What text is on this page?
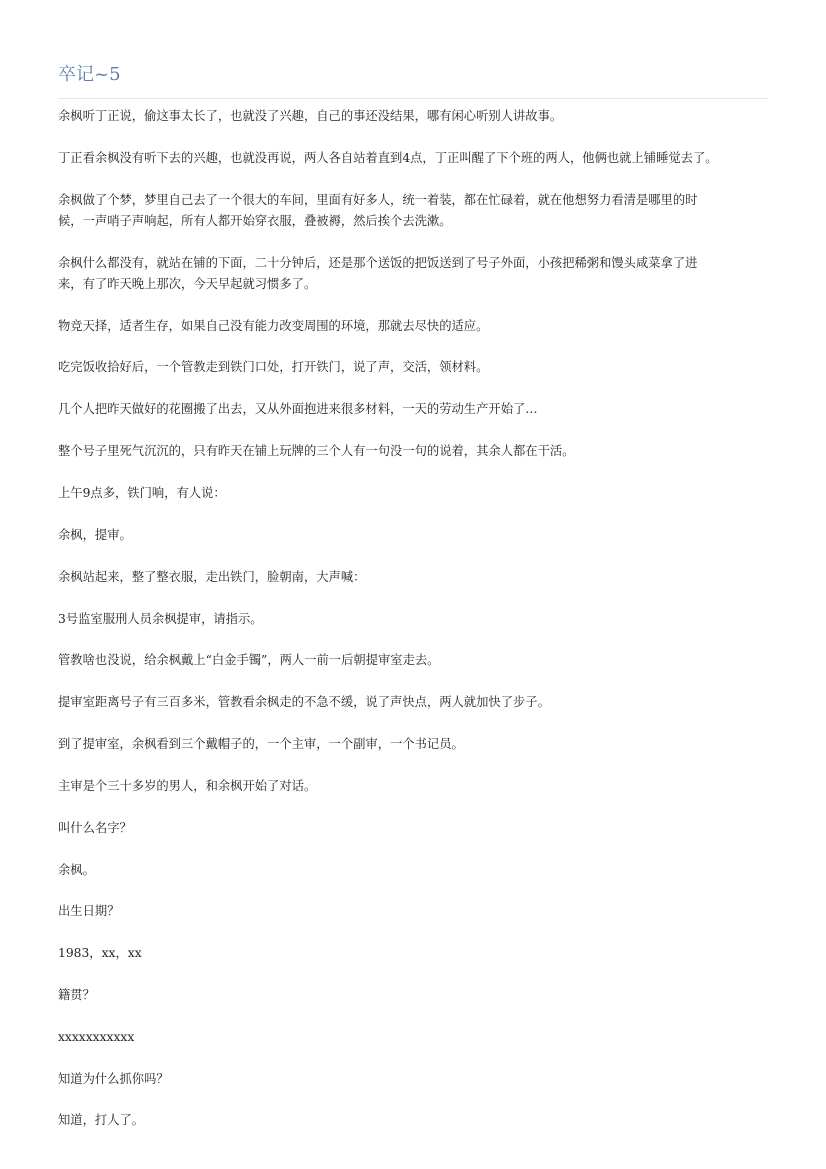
卒记~5

余枫听丁正说，偷这事太长了，也就没了兴趣，自己的事还没结果，哪有闲心听别人讲故事。

丁正看余枫没有听下去的兴趣，也就没再说，两人各自站着直到4点，丁正叫醒了下个班的两人，他俩也就上铺睡觉去了。

余枫做了个梦，梦里自己去了一个很大的车间，里面有好多人，统一着装，都在忙碌着，就在他想努力看清是哪里的时
候，一声哨子声响起，所有人都开始穿衣服，叠被褥，然后挨个去洗漱。

余枫什么都没有，就站在铺的下面，二十分钟后，还是那个送饭的把饭送到了号子外面，小孩把稀粥和馒头咸菜拿了进
来，有了昨天晚上那次，今天早起就习惯多了。

物竞天择，适者生存，如果自己没有能力改变周围的环境，那就去尽快的适应。

吃完饭收拾好后，一个管教走到铁门口处，打开铁门，说了声，交活，领材料。

几个人把昨天做好的花圈搬了出去，又从外面抱进来很多材料，一天的劳动生产开始了…

整个号子里死气沉沉的，只有昨天在铺上玩牌的三个人有一句没一句的说着，其余人都在干活。

上午9点多，铁门响，有人说：

余枫，提审。

余枫站起来，整了整衣服，走出铁门，脸朝南，大声喊：

3号监室服刑人员余枫提审，请指示。

管教啥也没说，给余枫戴上“白金手镯”，两人一前一后朝提审室走去。

提审室距离号子有三百多米，管教看余枫走的不急不缓，说了声快点，两人就加快了步子。

到了提审室，余枫看到三个戴帽子的，一个主审，一个副审，一个书记员。

主审是个三十多岁的男人，和余枫开始了对话。

叫什么名字？

余枫。

出生日期？

1983，xx，xx

籍贯？

xxxxxxxxxxx

知道为什么抓你吗？

知道，打人了。
